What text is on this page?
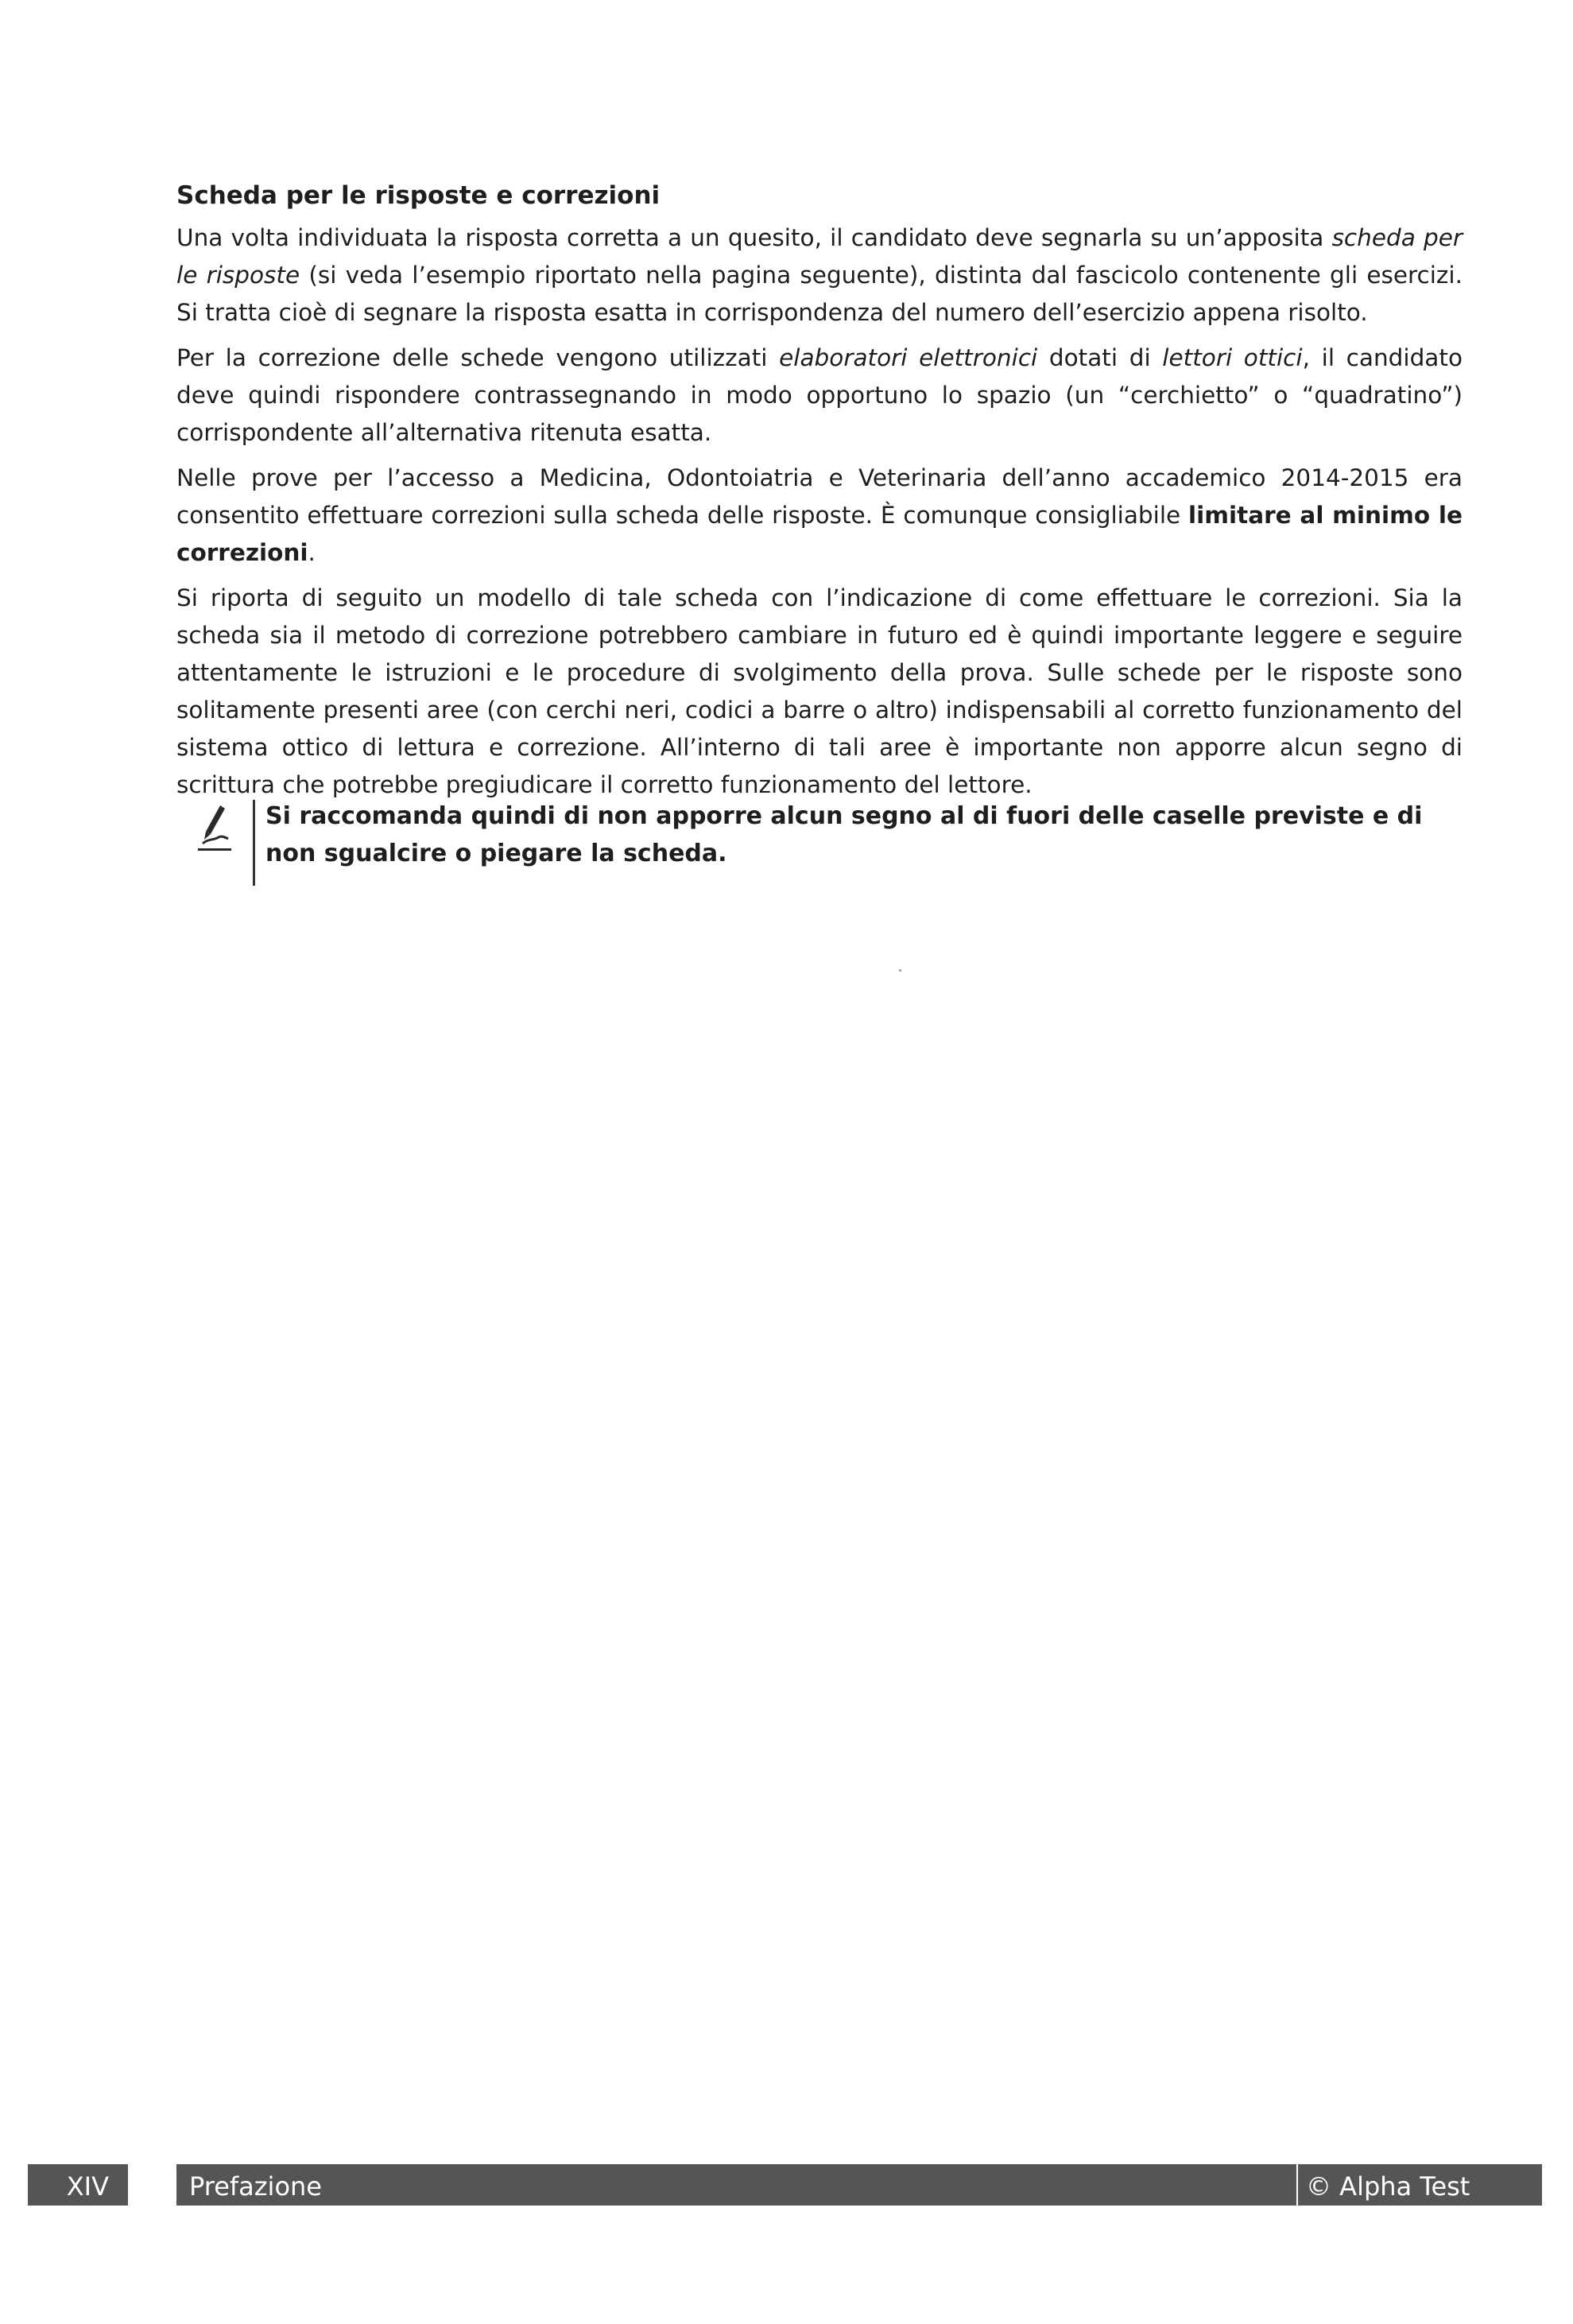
Scheda per le risposte e correzioni

Una volta individuata la risposta corretta a un quesito, il candidato deve segnarla su un’apposita scheda per le risposte (si veda l’esempio riportato nella pagina seguente), distinta dal fascicolo contenente gli esercizi. Si tratta cioè di segnare la risposta esatta in corrispondenza del numero dell’esercizio appena risolto.

Per la correzione delle schede vengono utilizzati elaboratori elettronici dotati di lettori ottici, il candidato deve quindi rispondere contrassegnando in modo opportuno lo spazio (un “cerchietto” o “quadratino”) corrispondente all’alternativa ritenuta esatta.

Nelle prove per l’accesso a Medicina, Odontoiatria e Veterinaria dell’anno accademico 2014-2015 era consentito effettuare correzioni sulla scheda delle risposte. È comunque consigliabile limitare al minimo le correzioni.

Si riporta di seguito un modello di tale scheda con l’indicazione di come effettuare le correzioni. Sia la scheda sia il metodo di correzione potrebbero cambiare in futuro ed è quindi importante leggere e seguire attentamente le istruzioni e le procedure di svolgimento della prova. Sulle schede per le risposte sono solitamente presenti aree (con cerchi neri, codici a barre o altro) indispensabili al corretto funzionamento del sistema ottico di lettura e correzione. All’interno di tali aree è importante non apporre alcun segno di scrittura che potrebbe pregiudicare il corretto funzionamento del lettore.

Si raccomanda quindi di non apporre alcun segno al di fuori delle caselle previste e di non sgualcire o piegare la scheda.
XIV	Prefazione	© Alpha Test
